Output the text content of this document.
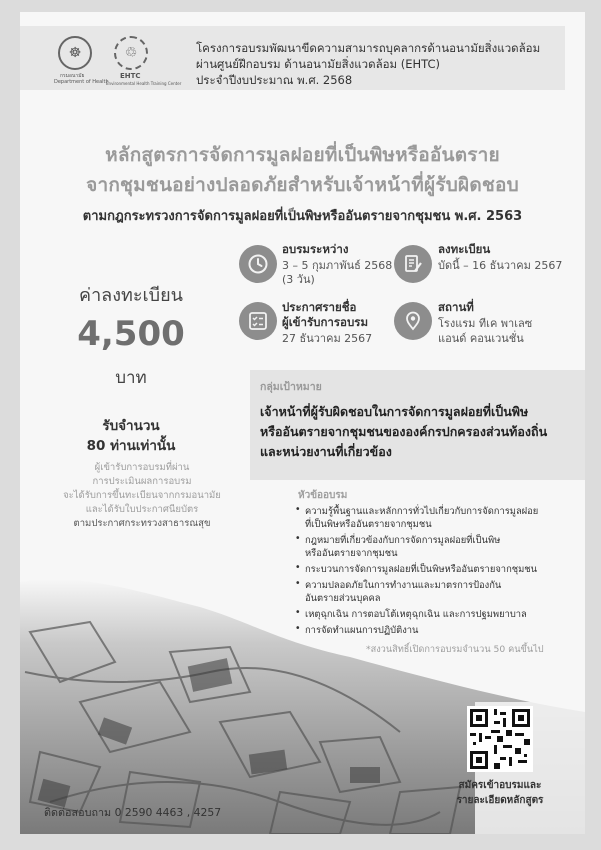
☸
กรมอนามัย
Department of Health
♲
EHTC
Environmental Health Training Center
โครงการอบรมพัฒนาขีดความสามารถบุคลากรด้านอนามัยสิ่งแวดล้อม
ผ่านศูนย์ฝึกอบรม ด้านอนามัยสิ่งแวดล้อม (EHTC)
ประจำปีงบประมาณ พ.ศ. 2568
หลักสูตรการจัดการมูลฝอยที่เป็นพิษหรืออันตราย
จากชุมชนอย่างปลอดภัยสำหรับเจ้าหน้าที่ผู้รับผิดชอบ
ตามกฎกระทรวงการจัดการมูลฝอยที่เป็นพิษหรืออันตรายจากชุมชน พ.ศ. 2563
อบรมระหว่าง
3 – 5 กุมภาพันธ์ 2568
(3 วัน)
ลงทะเบียน
บัดนี้ – 16 ธันวาคม 2567
ประกาศรายชื่อ
ผู้เข้ารับการอบรม
27 ธันวาคม 2567
สถานที่
โรงแรม ทีเค พาเลซ
แอนด์ คอนเวนชั่น
ค่าลงทะเบียน
4,500
บาท
รับจำนวน
80 ท่านเท่านั้น
ผู้เข้ารับการอบรมที่ผ่าน
การประเมินผลการอบรม
จะได้รับการขึ้นทะเบียนจากกรมอนามัย
และได้รับใบประกาศนียบัตร
ตามประกาศกระทรวงสาธารณสุข
กลุ่มเป้าหมาย
เจ้าหน้าที่ผู้รับผิดชอบในการจัดการมูลฝอยที่เป็นพิษ
หรืออันตรายจากชุมชนขององค์กรปกครองส่วนท้องถิ่น
และหน่วยงานที่เกี่ยวข้อง
หัวข้ออบรม
• ความรู้พื้นฐานและหลักการทั่วไปเกี่ยวกับการจัดการมูลฝอย
ที่เป็นพิษหรืออันตรายจากชุมชน
• กฎหมายที่เกี่ยวข้องกับการจัดการมูลฝอยที่เป็นพิษ
หรืออันตรายจากชุมชน
• กระบวนการจัดการมูลฝอยที่เป็นพิษหรืออันตรายจากชุมชน
• ความปลอดภัยในการทำงานและมาตรการป้องกัน
อันตรายส่วนบุคคล
• เหตุฉุกเฉิน การตอบโต้เหตุฉุกเฉิน และการปฐมพยาบาล
• การจัดทำแผนการปฏิบัติงาน
*สงวนสิทธิ์เปิดการอบรมจำนวน 50 คนขึ้นไป
สมัครเข้าอบรมและ
รายละเอียดหลักสูตร
ติดต่อสอบถาม 0 2590 4463 , 4257
